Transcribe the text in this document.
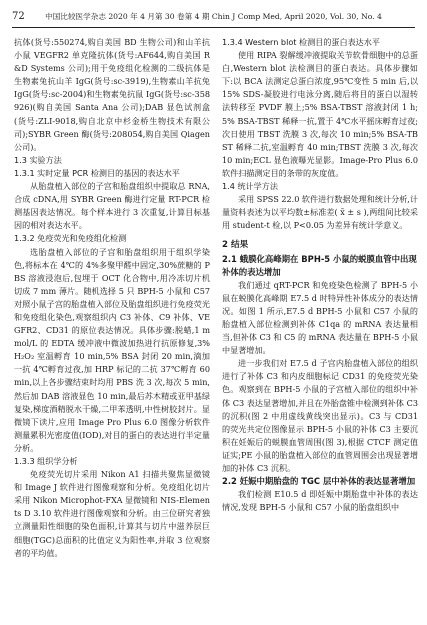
72	中国比较医学杂志 2020 年 4 月第 30 卷第 4 期 Chin J Comp Med, April 2020, Vol. 30, No. 4

抗体(货号:550274,购自美国 BD 生物公司)和山羊抗小鼠 VEGFR2 单克隆抗体(货号:AF644,购自美国 R&D Systems 公司);用于免疫组化检测的二级抗体是生物素兔抗山羊 IgG(货号:sc-3919),生物素山羊抗兔 IgG(货号:sc-2004)和生物素兔抗鼠 IgG(货号:sc-358926)(购自美国 Santa Ana 公司);DAB 显色试剂盒(货号:ZLI-9018,购自北京中杉金桥生物技术有限公司);SYBR Green 酶(货号:208054,购自美国 Qiagen 公司)。

1.3 实验方法
1.3.1 实时定量 PCR 检测目的基因的表达水平

从胎盘植入部位的子宫和胎盘组织中提取总 RNA,合成 cDNA,用 SYBR Green 酶进行定量 RT-PCR 检测基因表达情况。每个样本进行 3 次重复,计算目标基因的相对表达水平。

1.3.2 免疫荧光和免疫组化检测

选胎盘植入部位的子宫和胎盘组织用于组织学染色,将标本在 4℃的 4%多聚甲醛中固定,30%蔗糖的 PBS 溶液浸泡后,包埋于 OCT 化合物中,用冷冻切片机切成 7 mm 薄片。随机选择 5 只 BPH-5 小鼠和 C57 对照小鼠子宫的胎盘植入部位及胎盘组织进行免疫荧光和免疫组化染色,观察组织内 C3 补体、C9 补体、VEGFR2、CD31 的原位表达情况。具体步骤:脱蜡,1 mmol/L 的 EDTA 缓冲液中微波加热进行抗原修复,3% H₂O₂ 室温孵育 10 min,5% BSA 封闭 20 min,滴加一抗 4℃孵育过夜,加 HRP 标记的二抗 37℃孵育 60 min,以上各步骤结束时均用 PBS 洗 3 次,每次 5 min,然后加 DAB 溶液显色 10 min,最后苏木精或亚甲基绿复染,梯度酒精脱水干燥,二甲苯透明,中性树胶封片。显微镜下读片,应用 Image Pro Plus 6.0 图像分析软件测量累积光密度值(IOD),对目的蛋白的表达进行半定量分析。

1.3.3 组织学分析

免疫荧光切片采用 Nikon A1 扫描共聚焦显微镜和 Image J 软件进行图像观察和分析。免疫组化切片采用 Nikon Microphot-FXA 显微镜和 NIS-Elements D 3.10 软件进行图像观察和分析。由三位研究者独立测量阳性细胞的染色面积,计算其与切片中滋养层巨细胞(TGC)总面积的比值定义为阳性率,并取 3 位观察者的平均值。

1.3.4 Western blot 检测目的蛋白表达水平

使用 RIPA 裂解缓冲液提取关节软骨细胞中的总蛋白,Western blot 法检测目的蛋白表达。具体步骤如下:以 BCA 法测定总蛋白浓度,95℃变性 5 min 后,以 15% SDS-凝胶进行电泳分离,随后将目的蛋白以湿转法转移至 PVDF 膜上;5% BSA-TBST 溶液封闭 1 h;5% BSA-TBST 稀释一抗,置于 4℃水平摇床孵育过夜;次日使用 TBST 洗膜 3 次,每次 10 min;5% BSA-TBST 稀释二抗,室温孵育 40 min;TBST 洗膜 3 次,每次 10 min;ECL 显色液曝光显影。Image-Pro Plus 6.0 软件扫描测定目的条带的灰度值。

1.4 统计学方法

采用 SPSS 22.0 软件进行数据处理和统计分析,计量资料表述为以平均数±标准差( x̄ ± s ),两组间比较采用 student-t 检,以 P<0.05 为差异有统计学意义。

2 结果
2.1 蛾膜化高峰期在 BPH-5 小鼠的蜕膜血管中出现补体的表达增加

我们通过 qRT-PCR 和免疫染色检测了 BPH-5 小鼠在蜕膜化高峰期 E7.5 d 时特异性补体成分的表达情况。如图 1 所示,E7.5 d BPH-5 小鼠和 C57 小鼠的胎盘植入部位检测到补体 C1qa 的 mRNA 表达量相当,但补体 C3 和 C5 的 mRNA 表达量在 BPH-5 小鼠中显著增加。

进一步我们对 E7.5 d 子宫内胎盘植入部位的组织进行了补体 C3 和内皮细胞标记 CD31 的免疫荧光染色。观察到在 BPH-5 小鼠的子宫植入部位的组织中补体 C3 表达显著增加,并且在外胎盘锥中检测到补体 C3 的沉积(图 2 中用虚线黄线突出显示)。C3 与 CD31 的荧光共定位图像显示 BPH-5 小鼠的补体 C3 主要沉积在妊娠后的蜕膜血管周围(图 3),根据 CTCF 测定值证实;PE 小鼠的胎盘植入部位的血管周围会出现显著增加的补体 C3 沉积。

2.2 妊娠中期胎盘的 TGC 层中补体的表达显著增加

我们检测 E10.5 d 即妊娠中期胎盘中补体的表达情况,发现 BPH-5 小鼠和 C57 小鼠的胎盘组织中
